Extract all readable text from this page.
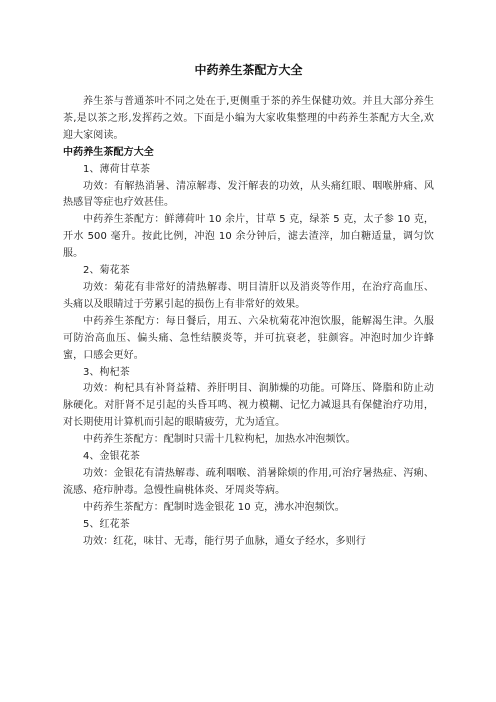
中药养生茶配方大全

养生茶与普通茶叶不同之处在于,更侧重于茶的养生保健功效。并且大部分养生茶,是以茶之形,发挥药之效。下面是小编为大家收集整理的中药养生茶配方大全,欢迎大家阅读。

中药养生茶配方大全

1、薄荷甘草茶

功效：有解热消暑、清凉解毒、发汗解表的功效，从头痛红眼、咽喉肿痛、风热感冒等症也疗效甚佳。

中药养生茶配方：鲜薄荷叶 10 余片，甘草 5 克，绿茶 5 克，太子参 10 克，开水 500 毫升。按此比例，冲泡 10 余分钟后，滤去渣滓，加白糖适量，调匀饮服。

2、菊花茶

功效：菊花有非常好的清热解毒、明目清肝以及消炎等作用，在治疗高血压、头痛以及眼睛过于劳累引起的损伤上有非常好的效果。

中药养生茶配方：每日餐后，用五、六朵杭菊花冲泡饮服，能解渴生津。久服可防治高血压、偏头痛、急性结膜炎等，并可抗衰老，驻颜容。冲泡时加少许蜂蜜，口感会更好。

3、枸杞茶

功效：枸杞具有补肾益精、养肝明目、润肺燥的功能。可降压、降脂和防止动脉硬化。对肝肾不足引起的头昏耳鸣、视力模糊、记忆力减退具有保健治疗功用，对长期使用计算机而引起的眼睛疲劳，尤为适宜。

中药养生茶配方：配制时只需十几粒枸杞，加热水冲泡频饮。

4、金银花茶

功效：金银花有清热解毒、疏利咽喉、消暑除烦的作用,可治疗暑热症、泻痢、流感、疮疖肿毒。急慢性扁桃体炎、牙周炎等病。

中药养生茶配方：配制时选金银花 10 克，沸水冲泡频饮。

5、红花茶

功效：红花，味甘、无毒，能行男子血脉，通女子经水，多则行
